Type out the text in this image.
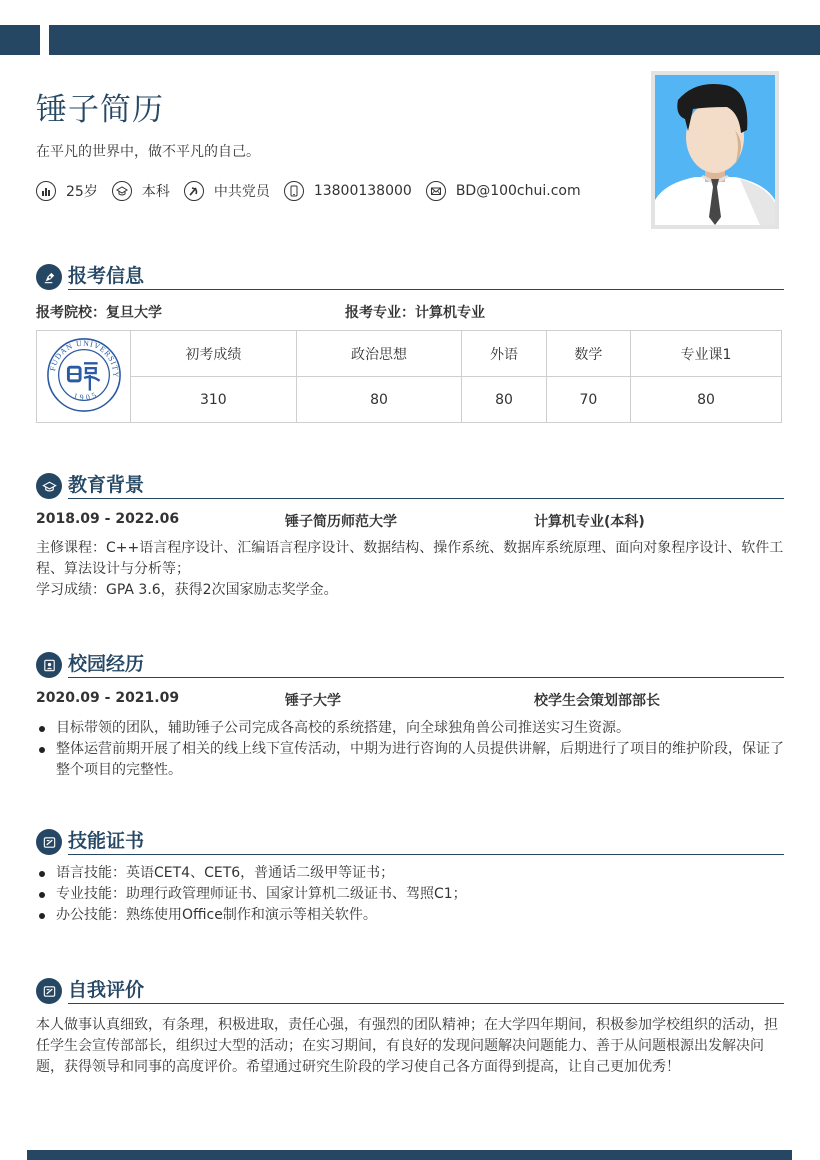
锤子简历
在平凡的世界中，做不平凡的自己。
25岁	本科	中共党员	13800138000	BD@100chui.com
报考信息
报考院校：复旦大学	报考专业：计算机专业
FUDAN UNIVERSITY
1905	初考成绩	政治思想	外语	数学	专业课1
	310	80	80	70	80
教育背景
2018.09 - 2022.06	锤子简历师范大学	计算机专业(本科)
主修课程：C++语言程序设计、汇编语言程序设计、数据结构、操作系统、数据库系统原理、面向对象程序设计、软件工程、算法设计与分析等；
学习成绩：GPA 3.6，获得2次国家励志奖学金。
校园经历
2020.09 - 2021.09	锤子大学	校学生会策划部部长
目标带领的团队，辅助锤子公司完成各高校的系统搭建，向全球独角兽公司推送实习生资源。
整体运营前期开展了相关的线上线下宣传活动，中期为进行咨询的人员提供讲解，后期进行了项目的维护阶段，保证了整个项目的完整性。
技能证书
语言技能：英语CET4、CET6，普通话二级甲等证书；
专业技能：助理行政管理师证书、国家计算机二级证书、驾照C1；
办公技能：熟练使用Office制作和演示等相关软件。
自我评价
本人做事认真细致，有条理，积极进取，责任心强，有强烈的团队精神；在大学四年期间，积极参加学校组织的活动，担任学生会宣传部部长，组织过大型的活动；在实习期间，有良好的发现问题解决问题能力、善于从问题根源出发解决问题，获得领导和同事的高度评价。希望通过研究生阶段的学习使自己各方面得到提高，让自己更加优秀！
